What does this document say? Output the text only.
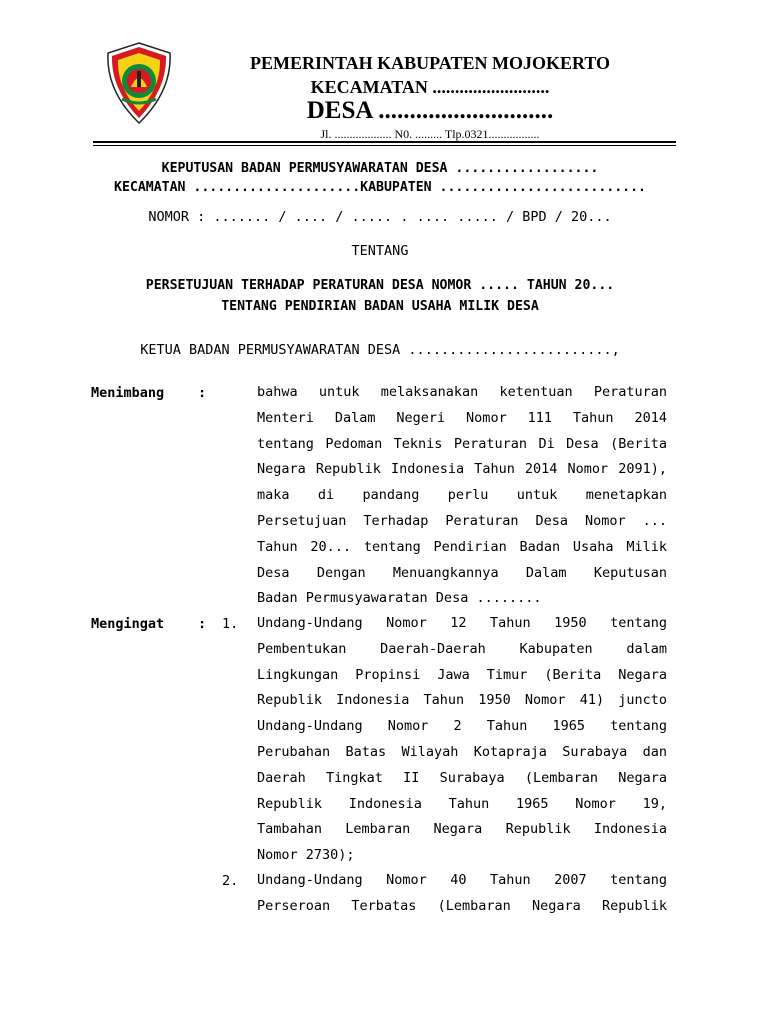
PEMERINTAH KABUPATEN MOJOKERTO
KECAMATAN ..........................
DESA ............................
Jl. ................... N0. ......... Tlp.0321.................
KEPUTUSAN BADAN PERMUSYAWARATAN DESA ..................
KECAMATAN .....................KABUPATEN ..........................
NOMOR : ....... / .... / ..... . .... ..... / BPD / 20...
TENTANG
PERSETUJUAN TERHADAP PERATURAN DESA NOMOR ..... TAHUN 20...
TENTANG PENDIRIAN BADAN USAHA MILIK DESA
KETUA BADAN PERMUSYAWARATAN DESA .........................,
Menimbang	:	bahwa untuk melaksanakan ketentuan Peraturan
Menteri Dalam Negeri Nomor 111 Tahun 2014
tentang Pedoman Teknis Peraturan Di Desa (Berita
Negara Republik Indonesia Tahun 2014 Nomor 2091),
maka di pandang perlu untuk menetapkan
Persetujuan Terhadap Peraturan Desa Nomor ...
Tahun 20... tentang Pendirian Badan Usaha Milik
Desa Dengan Menuangkannya Dalam Keputusan
Badan Permusyawaratan Desa ........
Mengingat	: 1. Undang-Undang Nomor 12 Tahun 1950 tentang
Pembentukan Daerah-Daerah Kabupaten dalam
Lingkungan Propinsi Jawa Timur (Berita Negara
Republik Indonesia Tahun 1950 Nomor 41) juncto
Undang-Undang Nomor 2 Tahun 1965 tentang
Perubahan Batas Wilayah Kotapraja Surabaya dan
Daerah Tingkat II Surabaya (Lembaran Negara
Republik Indonesia Tahun 1965 Nomor 19,
Tambahan Lembaran Negara Republik Indonesia
Nomor 2730);
2. Undang-Undang Nomor 40 Tahun 2007 tentang
Perseroan Terbatas (Lembaran Negara Republik
